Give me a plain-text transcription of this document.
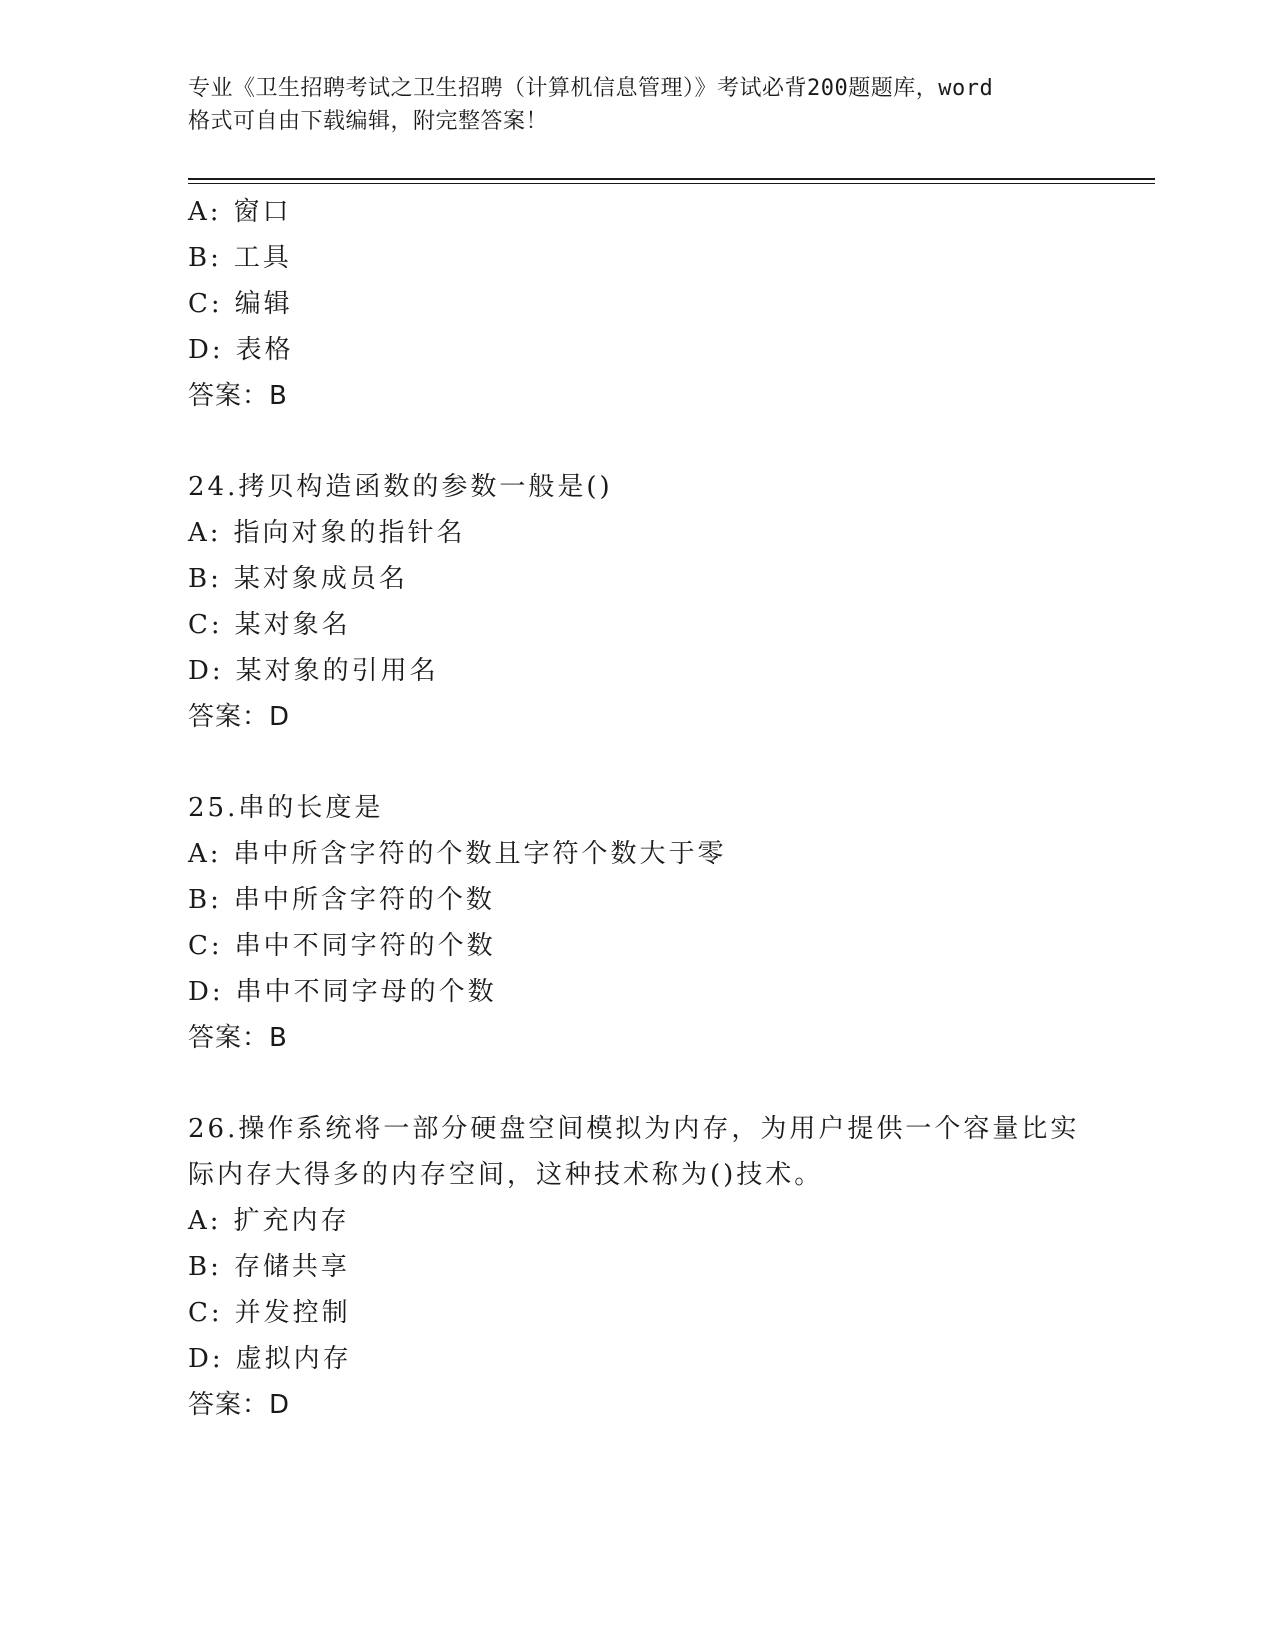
专业《卫生招聘考试之卫生招聘（计算机信息管理）》考试必背200题题库，word
格式可自由下载编辑，附完整答案！
A: 窗口
B: 工具
C: 编辑
D: 表格
答案：B
24.拷贝构造函数的参数一般是()
A: 指向对象的指针名
B: 某对象成员名
C: 某对象名
D: 某对象的引用名
答案：D
25.串的长度是
A: 串中所含字符的个数且字符个数大于零
B: 串中所含字符的个数
C: 串中不同字符的个数
D: 串中不同字母的个数
答案：B
26.操作系统将一部分硬盘空间模拟为内存，为用户提供一个容量比实
际内存大得多的内存空间，这种技术称为()技术。
A: 扩充内存
B: 存储共享
C: 并发控制
D: 虚拟内存
答案：D
